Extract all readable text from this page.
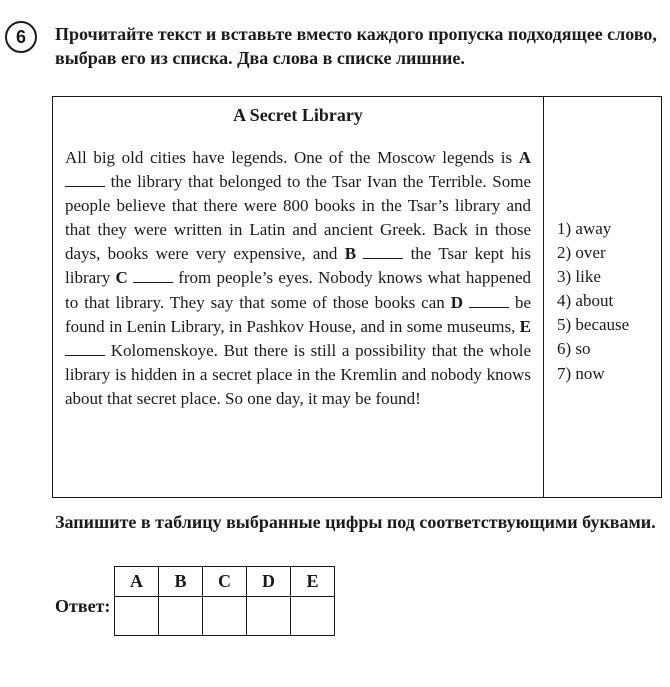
6	Прочитайте текст и вставьте вместо каждого пропуска подходящее слово, выбрав его из списка. Два слова в списке лишние.
A Secret Library
All big old cities have legends. One of the Moscow legends is A  the library that belonged to the Tsar Ivan the Terrible. Some people believe that there were 800 books in the Tsar’s library and that they were written in Latin and ancient Greek. Back in those days, books were very expensive, and B	the Tsar kept his library C	from people’s eyes. Nobody knows what happened to that library. They say that some of those books can D	be found in Lenin Library, in Pashkov House, and in some museums, E  Kolomenskoye. But there is still a possibility that the whole library is hidden in a secret place in the Kremlin and nobody knows about that secret place. So one day, it may be found!
1) away
2) over
3) like
4) about
5) because
6) so
7) now
Запишите в таблицу выбранные цифры под соответствующими буквами.
Ответ:
A	B	C	D	E
